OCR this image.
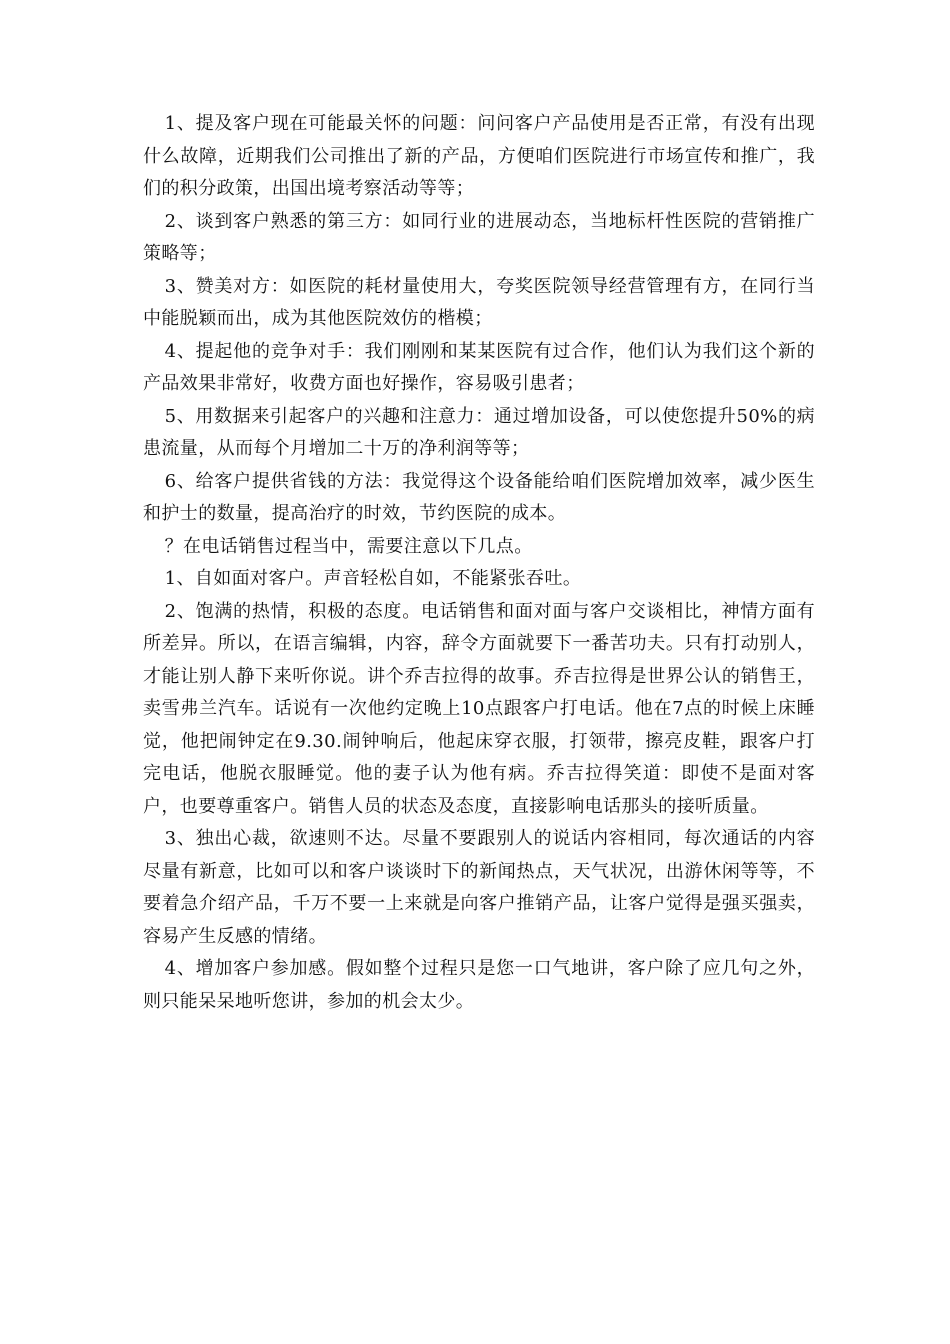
1、提及客户现在可能最关怀的问题：问问客户产品使用是否正常，有没有出现什么故障，近期我们公司推出了新的产品，方便咱们医院进行市场宣传和推广，我们的积分政策，出国出境考察活动等等；

2、谈到客户熟悉的第三方：如同行业的进展动态，当地标杆性医院的营销推广策略等；

3、赞美对方：如医院的耗材量使用大，夸奖医院领导经营管理有方，在同行当中能脱颖而出，成为其他医院效仿的楷模；

4、提起他的竞争对手：我们刚刚和某某医院有过合作，他们认为我们这个新的产品效果非常好，收费方面也好操作，容易吸引患者；

5、用数据来引起客户的兴趣和注意力：通过增加设备，可以使您提升50%的病患流量，从而每个月增加二十万的净利润等等；

6、给客户提供省钱的方法：我觉得这个设备能给咱们医院增加效率，减少医生和护士的数量，提高治疗的时效，节约医院的成本。

？在电话销售过程当中，需要注意以下几点。

1、自如面对客户。声音轻松自如，不能紧张吞吐。

2、饱满的热情，积极的态度。电话销售和面对面与客户交谈相比，神情方面有所差异。所以，在语言编辑，内容，辞令方面就要下一番苦功夫。只有打动别人，才能让别人静下来听你说。讲个乔吉拉得的故事。乔吉拉得是世界公认的销售王，卖雪弗兰汽车。话说有一次他约定晚上10点跟客户打电话。他在7点的时候上床睡觉，他把闹钟定在9.30.闹钟响后，他起床穿衣服，打领带，擦亮皮鞋，跟客户打完电话，他脱衣服睡觉。他的妻子认为他有病。乔吉拉得笑道：即使不是面对客户，也要尊重客户。销售人员的状态及态度，直接影响电话那头的接听质量。

3、独出心裁，欲速则不达。尽量不要跟别人的说话内容相同，每次通话的内容尽量有新意，比如可以和客户谈谈时下的新闻热点，天气状况，出游休闲等等，不要着急介绍产品，千万不要一上来就是向客户推销产品，让客户觉得是强买强卖，容易产生反感的情绪。

4、增加客户参加感。假如整个过程只是您一口气地讲，客户除了应几句之外，则只能呆呆地听您讲，参加的机会太少。
